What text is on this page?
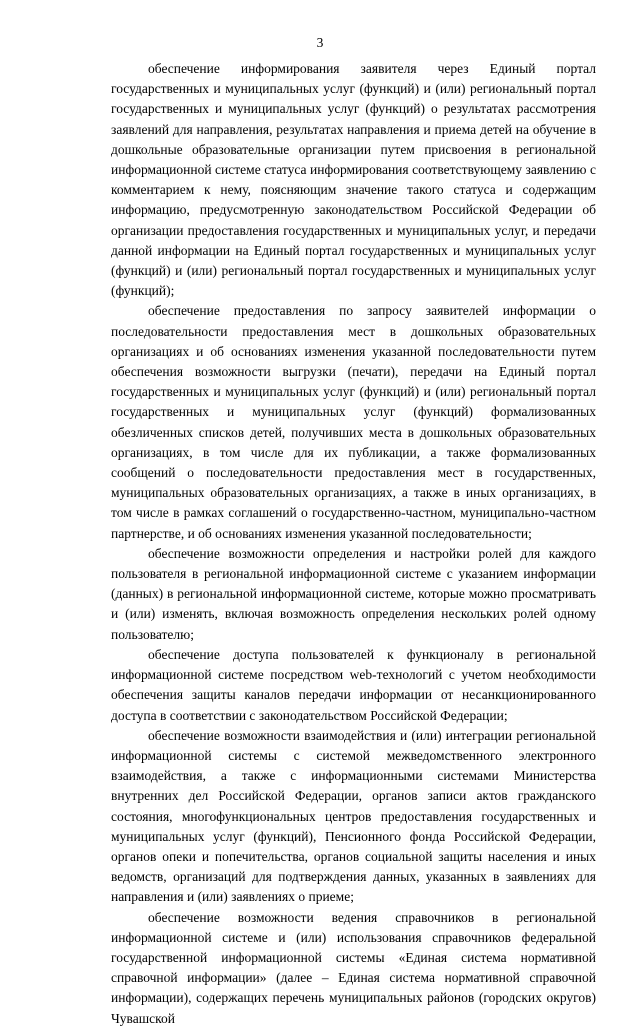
3

обеспечение информирования заявителя через Единый портал государственных и муниципальных услуг (функций) и (или) региональный портал государственных и муниципальных услуг (функций) о результатах рассмотрения заявлений для направления, результатах направления и приема детей на обучение в дошкольные образовательные организации путем присвоения в региональной информационной системе статуса информирования соответствующему заявлению с комментарием к нему, поясняющим значение такого статуса и содержащим информацию, предусмотренную законодательством Российской Федерации об организации предоставления государственных и муниципальных услуг, и передачи данной информации на Единый портал государственных и муниципальных услуг (функций) и (или) региональный портал государственных и муниципальных услуг (функций);

обеспечение предоставления по запросу заявителей информации о последовательности предоставления мест в дошкольных образовательных организациях и об основаниях изменения указанной последовательности путем обеспечения возможности выгрузки (печати), передачи на Единый портал государственных и муниципальных услуг (функций) и (или) региональный портал государственных и муниципальных услуг (функций) формализованных обезличенных списков детей, получивших места в дошкольных образовательных организациях, в том числе для их публикации, а также формализованных сообщений о последовательности предоставления мест в государственных, муниципальных образовательных организациях, а также в иных организациях, в том числе в рамках соглашений о государственно-частном, муниципально-частном партнерстве, и об основаниях изменения указанной последовательности;

обеспечение возможности определения и настройки ролей для каждого пользователя в региональной информационной системе с указанием информации (данных) в региональной информационной системе, которые можно просматривать и (или) изменять, включая возможность определения нескольких ролей одному пользователю;

обеспечение доступа пользователей к функционалу в региональной информационной системе посредством web-технологий с учетом необходимости обеспечения защиты каналов передачи информации от несанкционированного доступа в соответствии с законодательством Российской Федерации;

обеспечение возможности взаимодействия и (или) интеграции региональной информационной системы с системой межведомственного электронного взаимодействия, а также с информационными системами Министерства внутренних дел Российской Федерации, органов записи актов гражданского состояния, многофункциональных центров предоставления государственных и муниципальных услуг (функций), Пенсионного фонда Российской Федерации, органов опеки и попечительства, органов социальной защиты населения и иных ведомств, организаций для подтверждения данных, указанных в заявлениях для направления и (или) заявлениях о приеме;

обеспечение возможности ведения справочников в региональной информационной системе и (или) использования справочников федеральной государственной информационной системы «Единая система нормативной справочной информации» (далее – Единая система нормативной справочной информации), содержащих перечень муниципальных районов (городских округов) Чувашской
